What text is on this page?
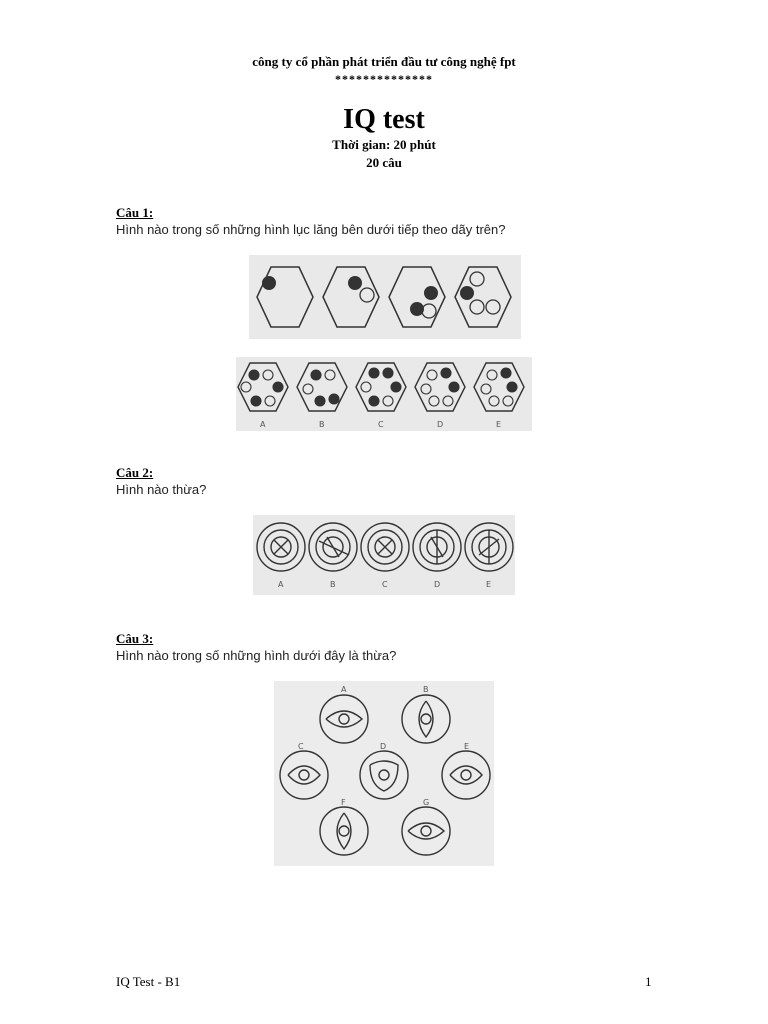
công ty cổ phần phát triển đầu tư công nghệ fpt
**************
IQ test
Thời gian: 20 phút
20 câu
Câu 1:
Hình nào trong số những hình lục lăng bên dưới tiếp theo dãy trên?
A	B	C	D	E
Câu 2:
Hình nào thừa?
A	B	C	D	E
Câu 3:
Hình nào trong số những hình dưới đây là thừa?
A	B
C	D	E
F	G
IQ Test - B1	1
